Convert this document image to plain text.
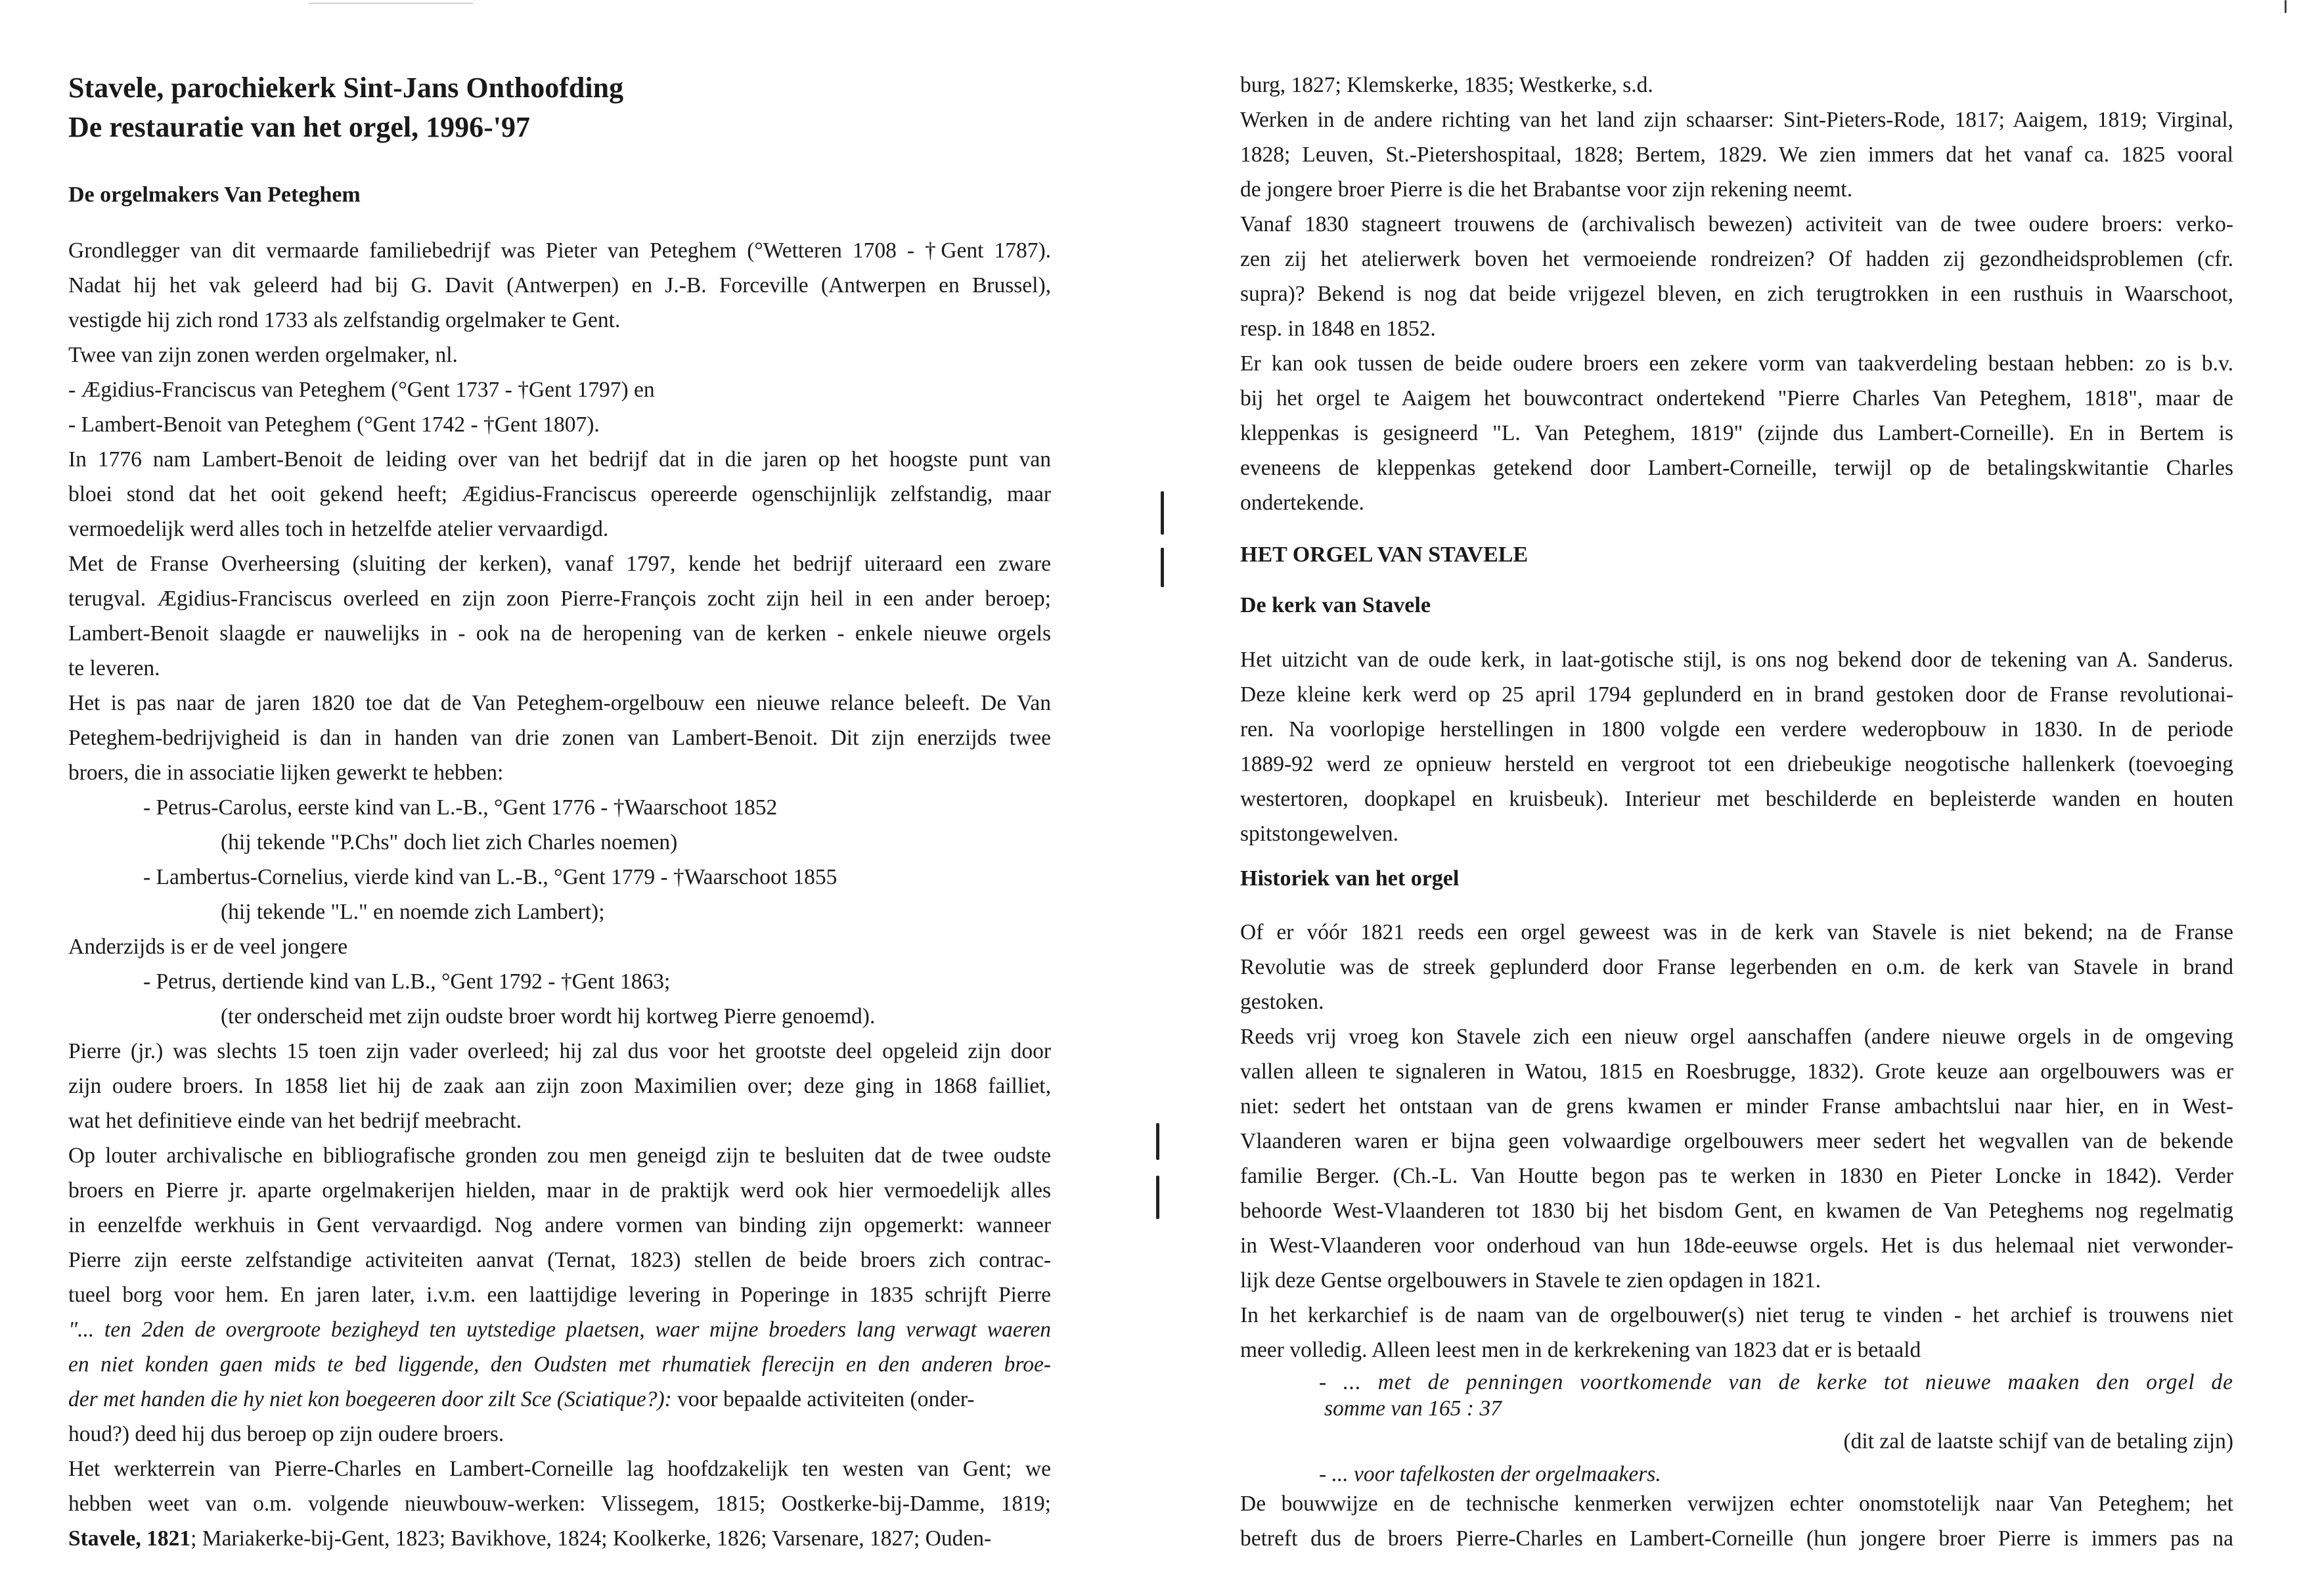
Stavele, parochiekerk Sint-Jans Onthoofding
De restauratie van het orgel, 1996-'97
De orgelmakers Van Peteghem

Grondlegger van dit vermaarde familiebedrijf was Pieter van Peteghem (°Wetteren 1708 - †Gent 1787).

Nadat hij het vak geleerd had bij G. Davit (Antwerpen) en J.-B. Forceville (Antwerpen en Brussel),

vestigde hij zich rond 1733 als zelfstandig orgelmaker te Gent.

Twee van zijn zonen werden orgelmaker, nl.

- Ægidius-Franciscus van Peteghem (°Gent 1737 - †Gent 1797) en

- Lambert-Benoit van Peteghem (°Gent 1742 - †Gent 1807).

In 1776 nam Lambert-Benoit de leiding over van het bedrijf dat in die jaren op het hoogste punt van

bloei stond dat het ooit gekend heeft; Ægidius-Franciscus opereerde ogenschijnlijk zelfstandig, maar

vermoedelijk werd alles toch in hetzelfde atelier vervaardigd.

Met de Franse Overheersing (sluiting der kerken), vanaf 1797, kende het bedrijf uiteraard een zware

terugval. Ægidius-Franciscus overleed en zijn zoon Pierre-François zocht zijn heil in een ander beroep;

Lambert-Benoit slaagde er nauwelijks in - ook na de heropening van de kerken - enkele nieuwe orgels

te leveren.

Het is pas naar de jaren 1820 toe dat de Van Peteghem-orgelbouw een nieuwe relance beleeft. De Van

Peteghem-bedrijvigheid is dan in handen van drie zonen van Lambert-Benoit. Dit zijn enerzijds twee

broers, die in associatie lijken gewerkt te hebben:

- Petrus-Carolus, eerste kind van L.-B., °Gent 1776 - †Waarschoot 1852

(hij tekende "P.Chs" doch liet zich Charles noemen)

- Lambertus-Cornelius, vierde kind van L.-B., °Gent 1779 - †Waarschoot 1855

(hij tekende "L." en noemde zich Lambert);

Anderzijds is er de veel jongere

- Petrus, dertiende kind van L.B., °Gent 1792 - †Gent 1863;

(ter onderscheid met zijn oudste broer wordt hij kortweg Pierre genoemd).

Pierre (jr.) was slechts 15 toen zijn vader overleed; hij zal dus voor het grootste deel opgeleid zijn door

zijn oudere broers. In 1858 liet hij de zaak aan zijn zoon Maximilien over; deze ging in 1868 failliet,

wat het definitieve einde van het bedrijf meebracht.

Op louter archivalische en bibliografische gronden zou men geneigd zijn te besluiten dat de twee oudste

broers en Pierre jr. aparte orgelmakerijen hielden, maar in de praktijk werd ook hier vermoedelijk alles

in eenzelfde werkhuis in Gent vervaardigd. Nog andere vormen van binding zijn opgemerkt: wanneer

Pierre zijn eerste zelfstandige activiteiten aanvat (Ternat, 1823) stellen de beide broers zich contrac-

tueel borg voor hem. En jaren later, i.v.m. een laattijdige levering in Poperinge in 1835 schrijft Pierre

"... ten 2den de overgroote bezigheyd ten uytstedige plaetsen, waer mijne broeders lang verwagt waeren

en niet konden gaen mids te bed liggende, den Oudsten met rhumatiek flerecijn en den anderen broe-

der met handen die hy niet kon boegeeren door zilt Sce (Sciatique?): voor bepaalde activiteiten (onder-

houd?) deed hij dus beroep op zijn oudere broers.

Het werkterrein van Pierre-Charles en Lambert-Corneille lag hoofdzakelijk ten westen van Gent; we

hebben weet van o.m. volgende nieuwbouw-werken: Vlissegem, 1815; Oostkerke-bij-Damme, 1819;

Stavele, 1821; Mariakerke-bij-Gent, 1823; Bavikhove, 1824; Koolkerke, 1826; Varsenare, 1827; Ouden-

burg, 1827; Klemskerke, 1835; Westkerke, s.d.

Werken in de andere richting van het land zijn schaarser: Sint-Pieters-Rode, 1817; Aaigem, 1819; Virginal,

1828; Leuven, St.-Pietershospitaal, 1828; Bertem, 1829. We zien immers dat het vanaf ca. 1825 vooral

de jongere broer Pierre is die het Brabantse voor zijn rekening neemt.

Vanaf 1830 stagneert trouwens de (archivalisch bewezen) activiteit van de twee oudere broers: verko-

zen zij het atelierwerk boven het vermoeiende rondreizen? Of hadden zij gezondheidsproblemen (cfr.

supra)? Bekend is nog dat beide vrijgezel bleven, en zich terugtrokken in een rusthuis in Waarschoot,

resp. in 1848 en 1852.

Er kan ook tussen de beide oudere broers een zekere vorm van taakverdeling bestaan hebben: zo is b.v.

bij het orgel te Aaigem het bouwcontract ondertekend "Pierre Charles Van Peteghem, 1818", maar de

kleppenkas is gesigneerd "L. Van Peteghem, 1819" (zijnde dus Lambert-Corneille). En in Bertem is

eveneens de kleppenkas getekend door Lambert-Corneille, terwijl op de betalingskwitantie Charles

ondertekende.

HET ORGEL VAN STAVELE
De kerk van Stavele

Het uitzicht van de oude kerk, in laat-gotische stijl, is ons nog bekend door de tekening van A. Sanderus.

Deze kleine kerk werd op 25 april 1794 geplunderd en in brand gestoken door de Franse revolutionai-

ren. Na voorlopige herstellingen in 1800 volgde een verdere wederopbouw in 1830. In de periode

1889-92 werd ze opnieuw hersteld en vergroot tot een driebeukige neogotische hallenkerk (toevoeging

westertoren, doopkapel en kruisbeuk). Interieur met beschilderde en bepleisterde wanden en houten

spitstongewelven.

Historiek van het orgel

Of er vóór 1821 reeds een orgel geweest was in de kerk van Stavele is niet bekend; na de Franse

Revolutie was de streek geplunderd door Franse legerbenden en o.m. de kerk van Stavele in brand

gestoken.

Reeds vrij vroeg kon Stavele zich een nieuw orgel aanschaffen (andere nieuwe orgels in de omgeving

vallen alleen te signaleren in Watou, 1815 en Roesbrugge, 1832). Grote keuze aan orgelbouwers was er

niet: sedert het ontstaan van de grens kwamen er minder Franse ambachtslui naar hier, en in West-

Vlaanderen waren er bijna geen volwaardige orgelbouwers meer sedert het wegvallen van de bekende

familie Berger. (Ch.-L. Van Houtte begon pas te werken in 1830 en Pieter Loncke in 1842). Verder

behoorde West-Vlaanderen tot 1830 bij het bisdom Gent, en kwamen de Van Peteghems nog regelmatig

in West-Vlaanderen voor onderhoud van hun 18de-eeuwse orgels. Het is dus helemaal niet verwonder-

lijk deze Gentse orgelbouwers in Stavele te zien opdagen in 1821.

In het kerkarchief is de naam van de orgelbouwer(s) niet terug te vinden - het archief is trouwens niet

meer volledig. Alleen leest men in de kerkrekening van 1823 dat er is betaald

- ... met de penningen voortkomende van de kerke tot nieuwe maaken den orgel de

somme van 165 : 37

(dit zal de laatste schijf van de betaling zijn)

- ... voor tafelkosten der orgelmaakers.

De bouwwijze en de technische kenmerken verwijzen echter onomstotelijk naar Van Peteghem; het

betreft dus de broers Pierre-Charles en Lambert-Corneille (hun jongere broer Pierre is immers pas na
